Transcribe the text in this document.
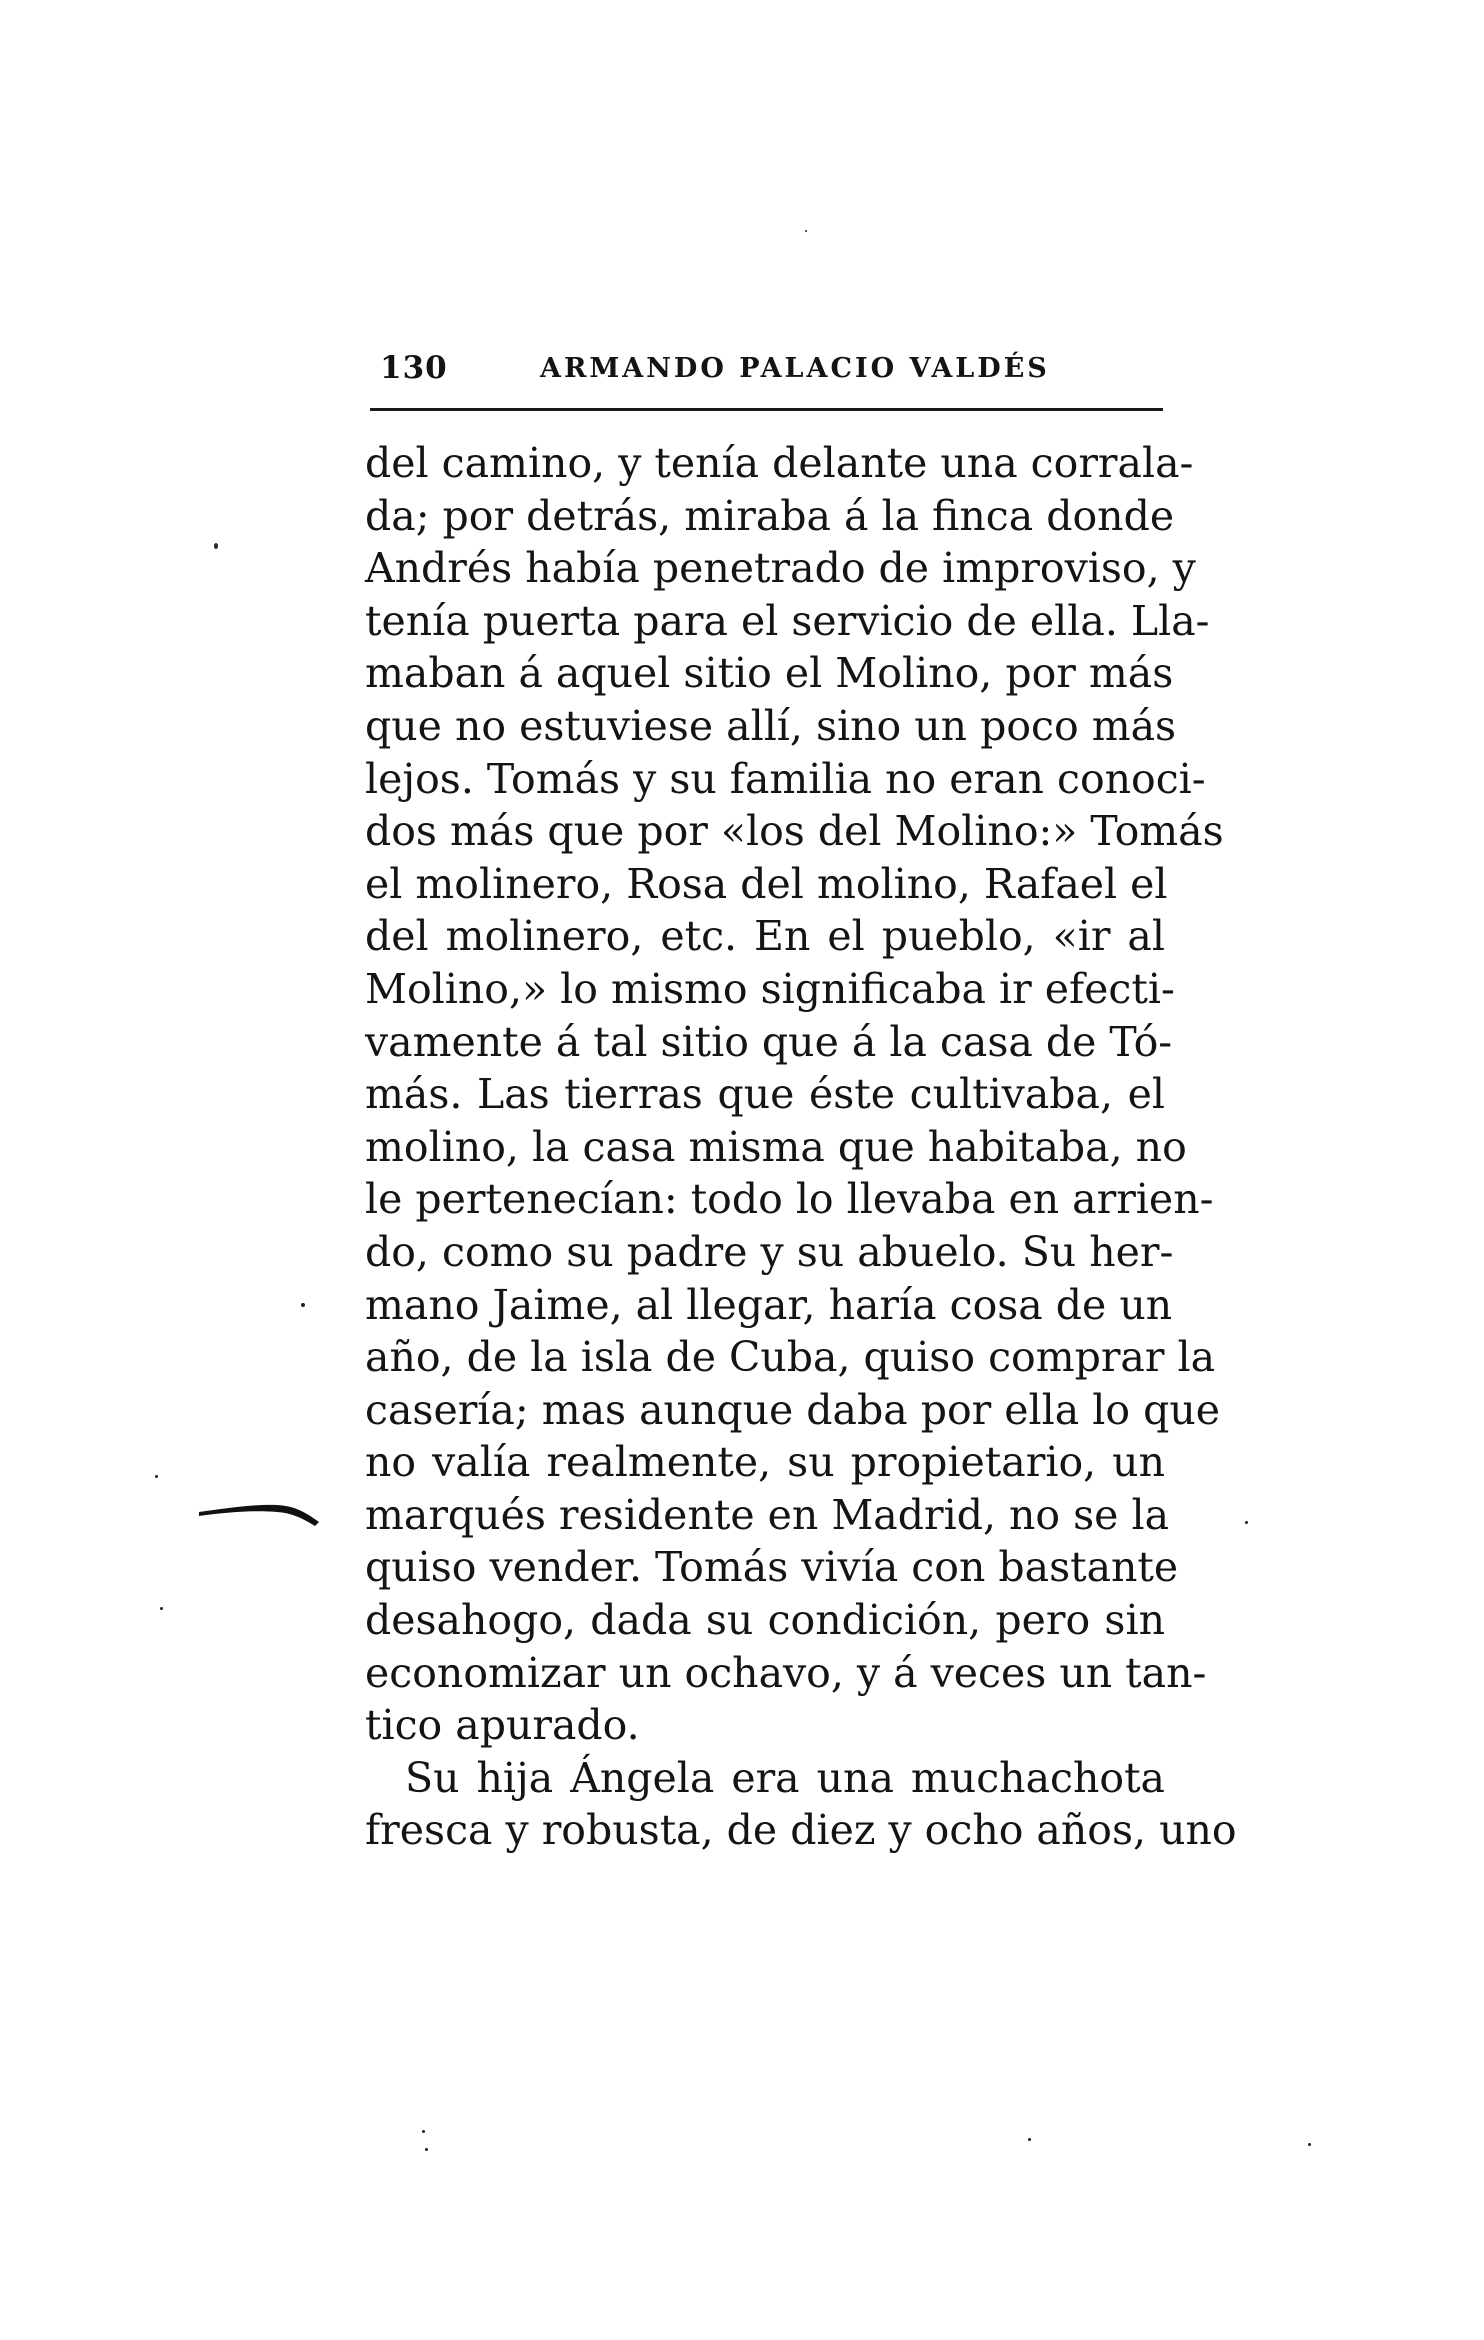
130	ARMANDO PALACIO VALDÉS
del camino, y tenía delante una corrala-
da; por detrás, miraba á la finca donde
Andrés había penetrado de improviso, y
tenía puerta para el servicio de ella. Lla-
maban á aquel sitio el Molino, por más
que no estuviese allí, sino un poco más
lejos. Tomás y su familia no eran conoci-
dos más que por «los del Molino:» Tomás
el molinero, Rosa del molino, Rafael el
del molinero, etc. En el pueblo, «ir al
Molino,» lo mismo significaba ir efecti-
vamente á tal sitio que á la casa de Tó-
más. Las tierras que éste cultivaba, el
molino, la casa misma que habitaba, no
le pertenecían: todo lo llevaba en arrien-
do, como su padre y su abuelo. Su her-
mano Jaime, al llegar, haría cosa de un
año, de la isla de Cuba, quiso comprar la
casería; mas aunque daba por ella lo que
no valía realmente, su propietario, un
marqués residente en Madrid, no se la
quiso vender. Tomás vivía con bastante
desahogo, dada su condición, pero sin
economizar un ochavo, y á veces un tan-
tico apurado.
Su hija Ángela era una muchachota
fresca y robusta, de diez y ocho años, uno
